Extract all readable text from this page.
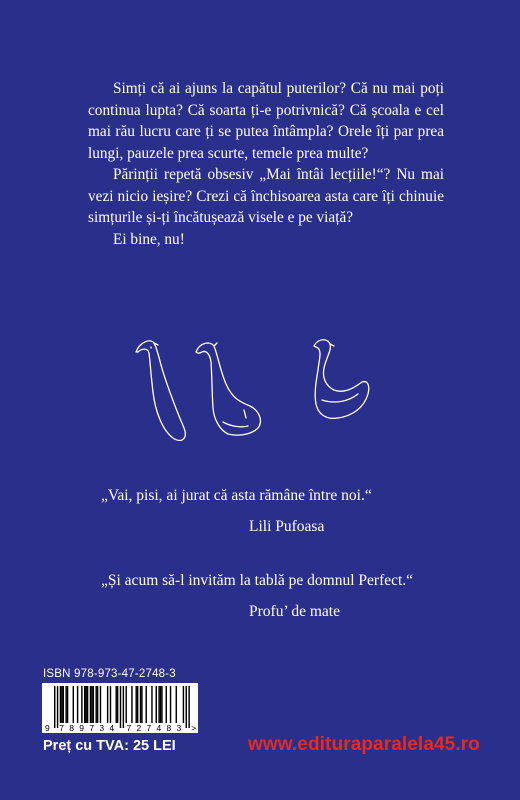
Simți că ai ajuns la capătul puterilor? Că nu mai poți continua lupta? Că soarta ți-e potrivnică? Că școala e cel mai rău lucru care ți se putea întâmpla? Orele îți par prea lungi, pauzele prea scurte, temele prea multe?

Părinții repetă obsesiv „Mai întâi lecțiile!“? Nu mai vezi nicio ieșire? Crezi că închisoarea asta care îți chinuie simțurile și-ți încătușează visele e pe viață?

Ei bine, nu!

„Vai, pisi, ai jurat că asta rămâne între noi.“
Lili Pufoasa
„Și acum să-l invităm la tablă pe domnul Perfect.“
Profu’ de mate
ISBN 978-973-47-2748-3
9 7 8 9 7 3 4 7 2 7 4 8 3 >
Preț cu TVA: 25 LEI	www.edituraparalela45.ro
